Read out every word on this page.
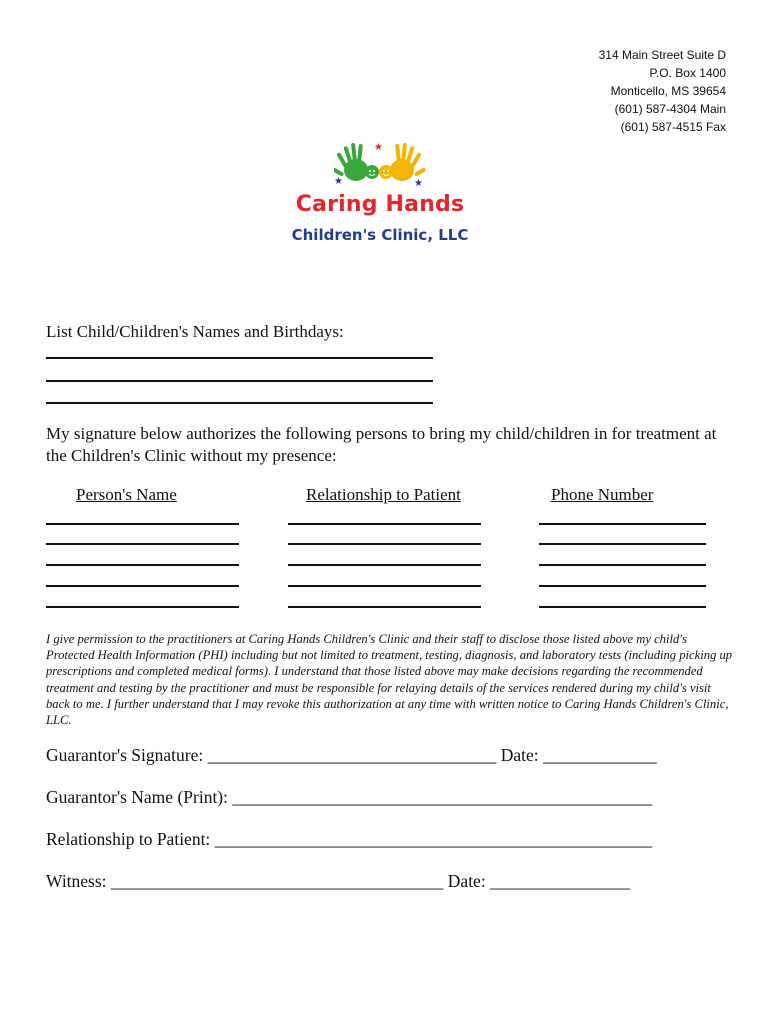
314 Main Street Suite D
P.O. Box 1400
Monticello, MS 39654
(601) 587-4304 Main
(601) 587-4515 Fax
★
★
★
Caring Hands
Children's Clinic, LLC
List Child/Children's Names and Birthdays:
My signature below authorizes the following persons to bring my child/children in for treatment at the Children's Clinic without my presence:
Person's Name	Relationship to Patient	Phone Number
I give permission to the practitioners at Caring Hands Children's Clinic and their staff to disclose those listed above my child's Protected Health Information (PHI) including but not limited to treatment, testing, diagnosis, and laboratory tests (including picking up prescriptions and completed medical forms). I understand that those listed above may make decisions regarding the recommended treatment and testing by the practitioner and must be responsible for relaying details of the services rendered during my child's visit back to me. I further understand that I may revoke this authorization at any time with written notice to Caring Hands Children's Clinic, LLC.
Guarantor's Signature: _________________________________ Date: _____________
Guarantor's Name (Print): ________________________________________________
Relationship to Patient: __________________________________________________
Witness: ______________________________________ Date: ________________
